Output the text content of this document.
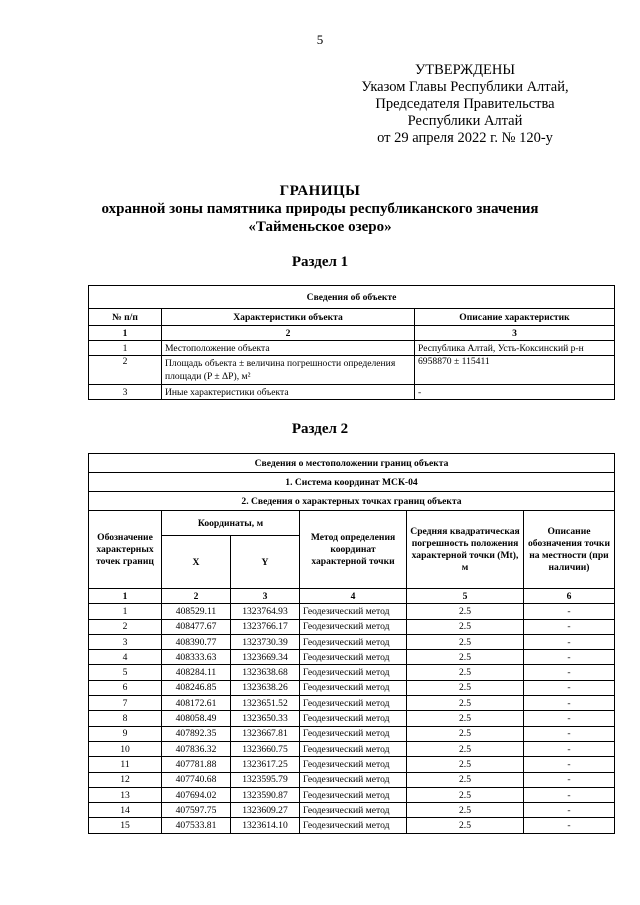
5
УТВЕРЖДЕНЫ
Указом Главы Республики Алтай,
Председателя Правительства
Республики Алтай
от 29 апреля 2022 г. № 120-у
ГРАНИЦЫ
охранной зоны памятника природы республиканского значения
«Тайменьское озеро»
Раздел 1
Сведения об объекте		
№ п/п	Характеристики объекта	Описание характеристик
1	2	3
1	Местоположение объекта	Республика Алтай, Усть-Коксинский р-н
2	Площадь объекта ± величина погрешности определения площади (P ± ΔP), м²	6958870 ± 115411
3	Иные характеристики объекта	-
Раздел 2
Сведения о местоположении границ объекта					
1. Система координат МСК-04					
2. Сведения о характерных точках границ объекта					
Обозначение характерных точек границ	Координаты, м		Метод определения координат характерной точки	Средняя квадратическая погрешность положения характерной точки (Mt), м	Описание обозначения точки на местности (при наличии)
	X	Y			
1	2	3	4	5	6
1	408529.11	1323764.93	Геодезический метод	2.5	-
2	408477.67	1323766.17	Геодезический метод	2.5	-
3	408390.77	1323730.39	Геодезический метод	2.5	-
4	408333.63	1323669.34	Геодезический метод	2.5	-
5	408284.11	1323638.68	Геодезический метод	2.5	-
6	408246.85	1323638.26	Геодезический метод	2.5	-
7	408172.61	1323651.52	Геодезический метод	2.5	-
8	408058.49	1323650.33	Геодезический метод	2.5	-
9	407892.35	1323667.81	Геодезический метод	2.5	-
10	407836.32	1323660.75	Геодезический метод	2.5	-
11	407781.88	1323617.25	Геодезический метод	2.5	-
12	407740.68	1323595.79	Геодезический метод	2.5	-
13	407694.02	1323590.87	Геодезический метод	2.5	-
14	407597.75	1323609.27	Геодезический метод	2.5	-
15	407533.81	1323614.10	Геодезический метод	2.5	-
